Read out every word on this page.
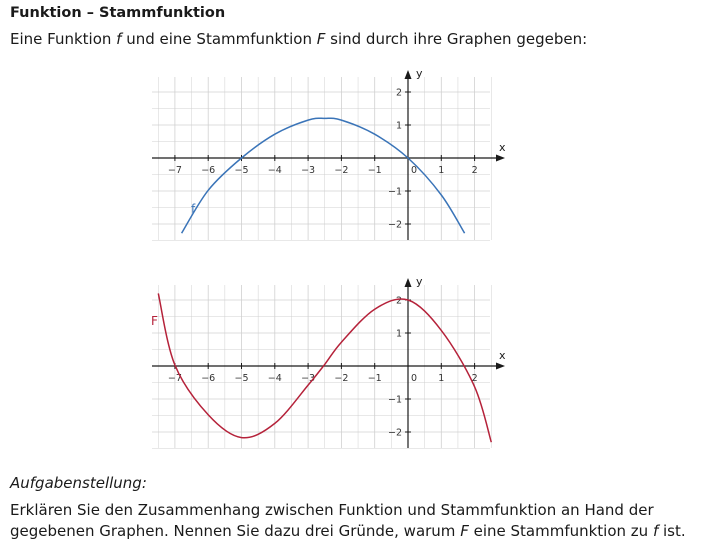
Funktion – Stammfunktion
Eine Funktion f und eine Stammfunktion F sind durch ihre Graphen gegeben:
x
y
−7 −6 −5 −4 −3 −2 −1	0 1	2
−2
−1
1
2
f
x
y
−7 −6 −5 −4 −3 −2 −1	0 1	2
−2
−1
1
2
F
Aufgabenstellung:
Erklären Sie den Zusammenhang zwischen Funktion und Stammfunktion an Hand der gegebenen Graphen. Nennen Sie dazu drei Gründe, warum F eine Stammfunktion zu f ist.
